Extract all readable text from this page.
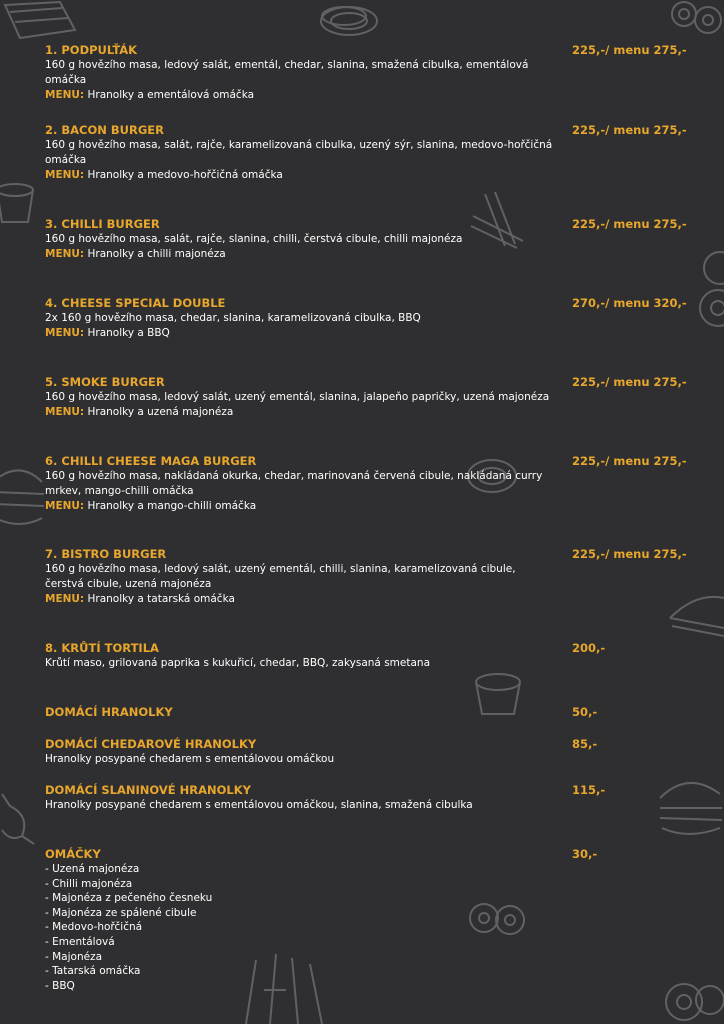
1. PODPULŤÁK	225,-/ menu 275,-
160 g hovězího masa, ledový salát, ementál, chedar, slanina, smažená cibulka, ementálová omáčka
MENU: Hranolky a ementálová omáčka
2. BACON BURGER	225,-/ menu 275,-
160 g hovězího masa, salát, rajče, karamelizovaná cibulka, uzený sýr, slanina, medovo-hořčičná omáčka
MENU: Hranolky a medovo-hořčičná omáčka
3. CHILLI BURGER	225,-/ menu 275,-
160 g hovězího masa, salát, rajče, slanina, chilli, čerstvá cibule, chilli majonéza
MENU: Hranolky a chilli majonéza
4. CHEESE SPECIAL DOUBLE	270,-/ menu 320,-
2x 160 g hovězího masa, chedar, slanina, karamelizovaná cibulka, BBQ
MENU: Hranolky a BBQ
5. SMOKE BURGER	225,-/ menu 275,-
160 g hovězího masa, ledový salát, uzený ementál, slanina, jalapeňo papričky, uzená majonéza
MENU: Hranolky a uzená majonéza
6. CHILLI CHEESE MAGA BURGER	225,-/ menu 275,-
160 g hovězího masa, nakládaná okurka, chedar, marinovaná červená cibule, nakládaná curry mrkev, mango-chilli omáčka
MENU: Hranolky a mango-chilli omáčka
7. BISTRO BURGER	225,-/ menu 275,-
160 g hovězího masa, ledový salát, uzený ementál, chilli, slanina, karamelizovaná cibule, čerstvá cibule, uzená majonéza
MENU: Hranolky a tatarská omáčka
8. KRŮTÍ TORTILA	200,-
Krůtí maso, grilovaná paprika s kukuřicí, chedar, BBQ, zakysaná smetana
DOMÁCÍ HRANOLKY	50,-
DOMÁCÍ CHEDAROVÉ HRANOLKY	85,-
Hranolky posypané chedarem s ementálovou omáčkou
DOMÁCÍ SLANINOVÉ HRANOLKY	115,-
Hranolky posypané chedarem s ementálovou omáčkou, slanina, smažená cibulka
OMÁČKY	30,-
- Uzená majonéza
- Chilli majonéza
- Majonéza z pečeného česneku
- Majonéza ze spálené cibule
- Medovo-hořčičná
- Ementálová
- Majonéza
- Tatarská omáčka
- BBQ
